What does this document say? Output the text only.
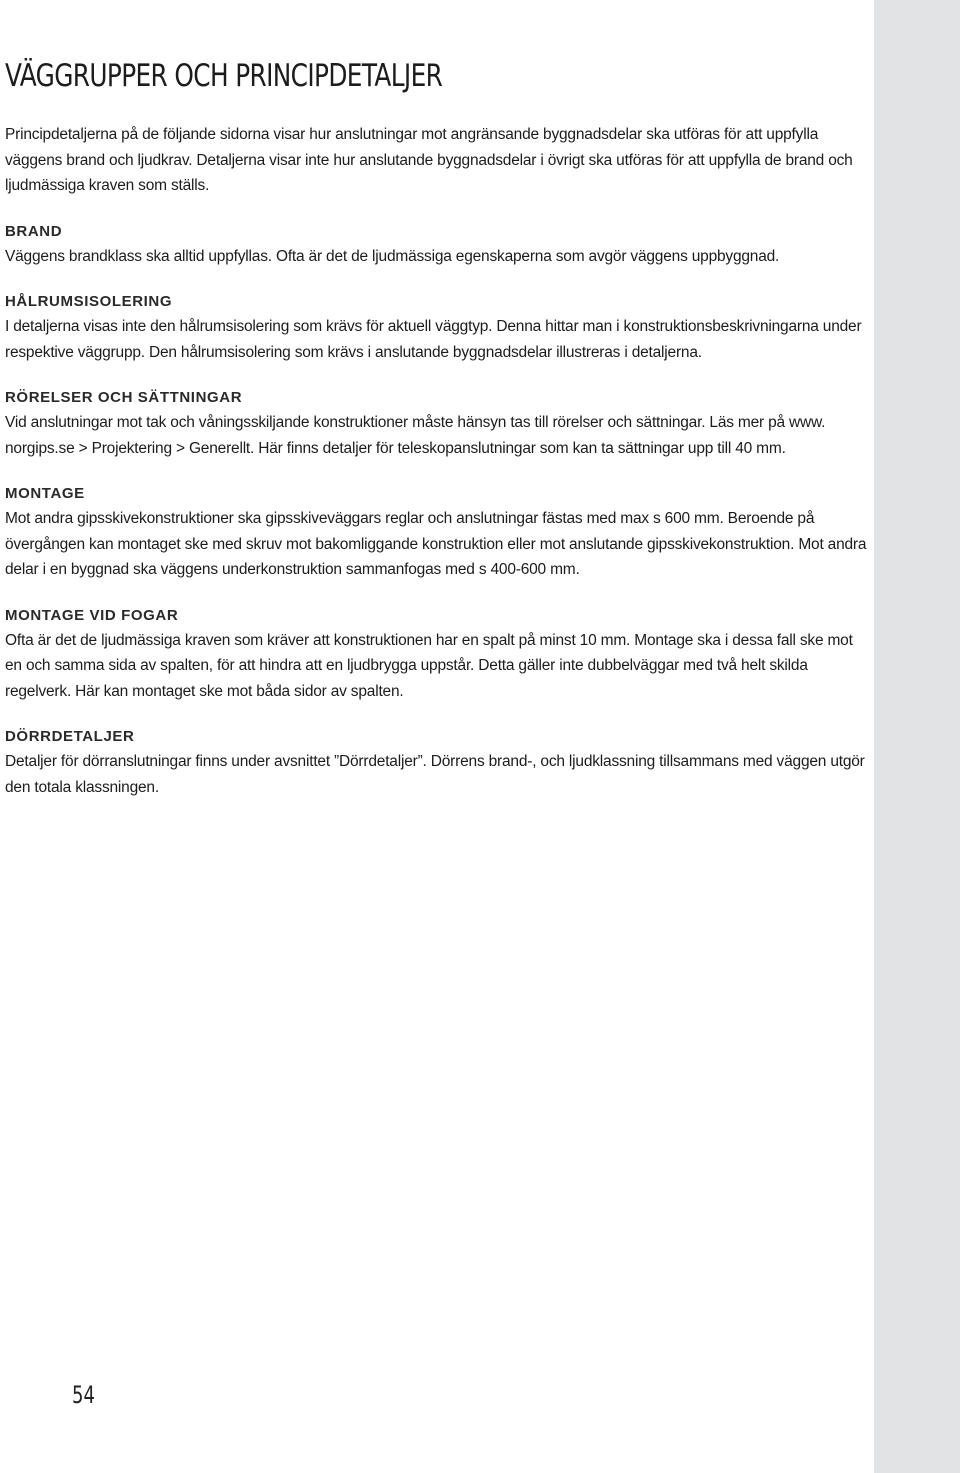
VÄGGRUPPER OCH PRINCIPDETALJER

Principdetaljerna på de följande sidorna visar hur anslutningar mot angränsande byggnadsdelar ska utföras för att uppfylla väggens brand och ljudkrav. Detaljerna visar inte hur anslutande byggnadsdelar i övrigt ska utföras för att uppfylla de brand och ljudmässiga kraven som ställs.

BRAND

Väggens brandklass ska alltid uppfyllas. Ofta är det de ljudmässiga egenskaperna som avgör väggens uppbyggnad.

HÅLRUMSISOLERING

I detaljerna visas inte den hålrumsisolering som krävs för aktuell väggtyp. Denna hittar man i konstruktionsbeskrivningarna under respektive väggrupp. Den hålrumsisolering som krävs i anslutande byggnadsdelar illustreras i detaljerna.

RÖRELSER OCH SÄTTNINGAR

Vid anslutningar mot tak och våningsskiljande konstruktioner måste hänsyn tas till rörelser och sättningar. Läs mer på www. norgips.se > Projektering > Generellt. Här finns detaljer för teleskopanslutningar som kan ta sättningar upp till 40 mm.

MONTAGE

Mot andra gipsskivekonstruktioner ska gipsskiveväggars reglar och anslutningar fästas med max s 600 mm. Beroende på övergången kan montaget ske med skruv mot bakomliggande konstruktion eller mot anslutande gipsskivekonstruktion. Mot andra delar i en byggnad ska väggens underkonstruktion sammanfogas med s 400-600 mm.

MONTAGE VID FOGAR

Ofta är det de ljudmässiga kraven som kräver att konstruktionen har en spalt på minst 10 mm. Montage ska i dessa fall ske mot en och samma sida av spalten, för att hindra att en ljudbrygga uppstår. Detta gäller inte dubbelväggar med två helt skilda regelverk. Här kan montaget ske mot båda sidor av spalten.

DÖRRDETALJER

Detaljer för dörranslutningar finns under avsnittet ”Dörrdetaljer”. Dörrens brand-, och ljudklassning tillsammans med väggen utgör den totala klassningen.

54
